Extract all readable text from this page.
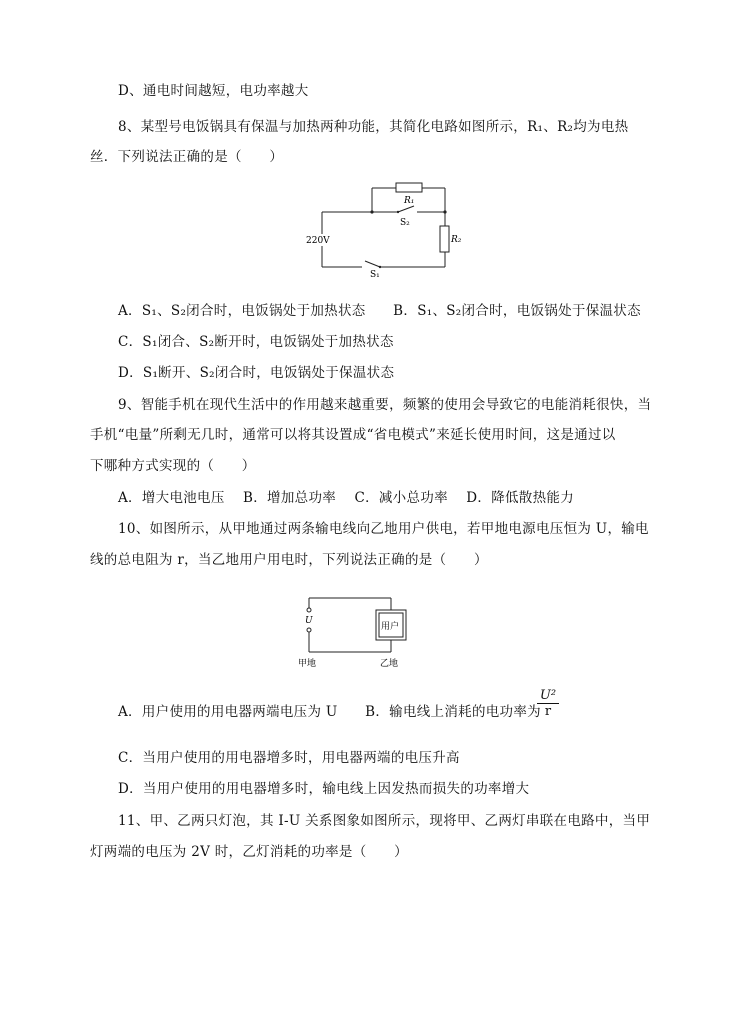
D、通电时间越短，电功率越大
8、某型号电饭锅具有保温与加热两种功能，其简化电路如图所示，R₁、R₂均为电热
丝．下列说法正确的是（　　）
R₁
S₂
R₂
S₁
220V
A．S₁、S₂闭合时，电饭锅处于加热状态　　B．S₁、S₂闭合时，电饭锅处于保温状态
C．S₁闭合、S₂断开时，电饭锅处于加热状态
D．S₁断开、S₂闭合时，电饭锅处于保温状态
9、智能手机在现代生活中的作用越来越重要，频繁的使用会导致它的电能消耗很快，当
手机“电量”所剩无几时，通常可以将其设置成“省电模式”来延长使用时间，这是通过以
下哪种方式实现的（　　）
A．增大电池电压　 B．增加总功率　 C．减小总功率　 D．降低散热能力
10、如图所示，从甲地通过两条输电线向乙地用户供电，若甲地电源电压恒为 U，输电
线的总电阻为 r，当乙地用户用电时，下列说法正确的是（　　）
U
用户
甲地	乙地
A．用户使用的用电器两端电压为 U　　B．输电线上消耗的电功率为
$\frac{\text{U²}}{r}$
C．当用户使用的用电器增多时，用电器两端的电压升高
D．当用户使用的用电器增多时，输电线上因发热而损失的功率增大
11、甲、乙两只灯泡，其 I-U 关系图象如图所示，现将甲、乙两灯串联在电路中，当甲
灯两端的电压为 2V 时，乙灯消耗的功率是（　　）
